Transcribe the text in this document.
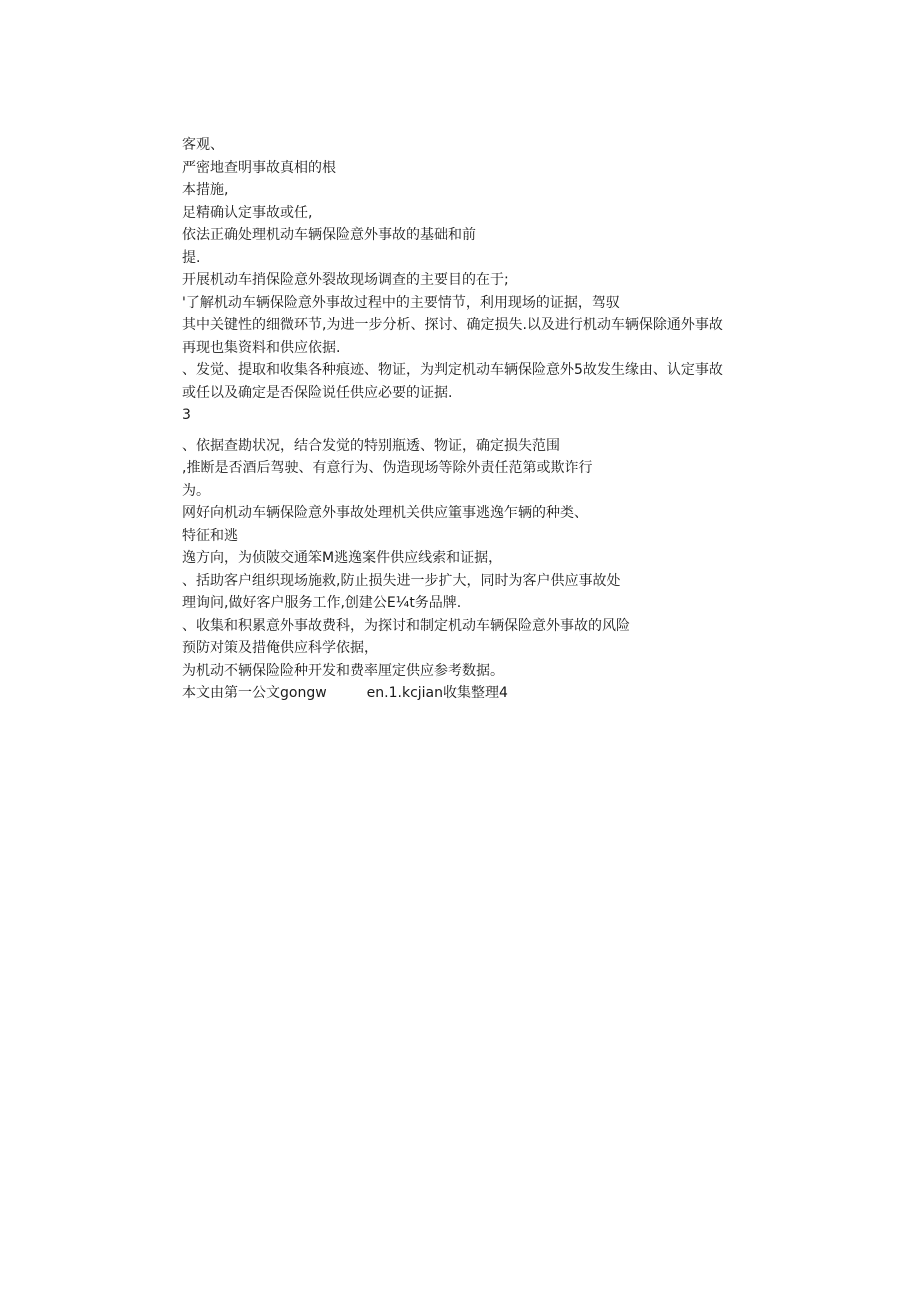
客观、
严密地查明事故真相的根
本措施,
足精确认定事故或任,
依法正确处理机动车辆保险意外事故的基础和前
提.
开展机动车捎保险意外裂故现场调查的主要目的在于;
'了解机动车辆保险意外事故过程中的主要情节，利用现场的证据，驾驭
其中关键性的细微环节,为进一步分析、探讨、确定损失.以及进行机动车辆保除通外事故
再现也集资料和供应依据.
、发觉、提取和收集各种痕迹、物证，为判定机动车辆保险意外5故发生缘由、认定事故
或任以及确定是否保险说任供应必要的证据.
3
、依据查勘状况，结合发觉的特别瓶透、物证，确定损失范围
,推断是否酒后驾驶、有意行为、伪造现场等除外责任范第或欺诈行
为。
网好向机动车辆保险意外事故处理机关供应箽事逃逸乍辆的种类、
特征和逃
逸方向，为侦陂交通笨M逃逸案件供应线索和证据，
、括助客户组织现场施救,防止损失进一步扩大，同时为客户供应事故处
理询问,做好客户服务工作,创建公E¼t务品牌.
、收集和积累意外事故费科，为探讨和制定机动车辆保险意外事故的风险
预防对策及措俺供应科学依据，
为机动不辆保险险种开发和费率厘定供应参考数据。
本文由第一公文gongw	en.1.kcjian收集整理4
